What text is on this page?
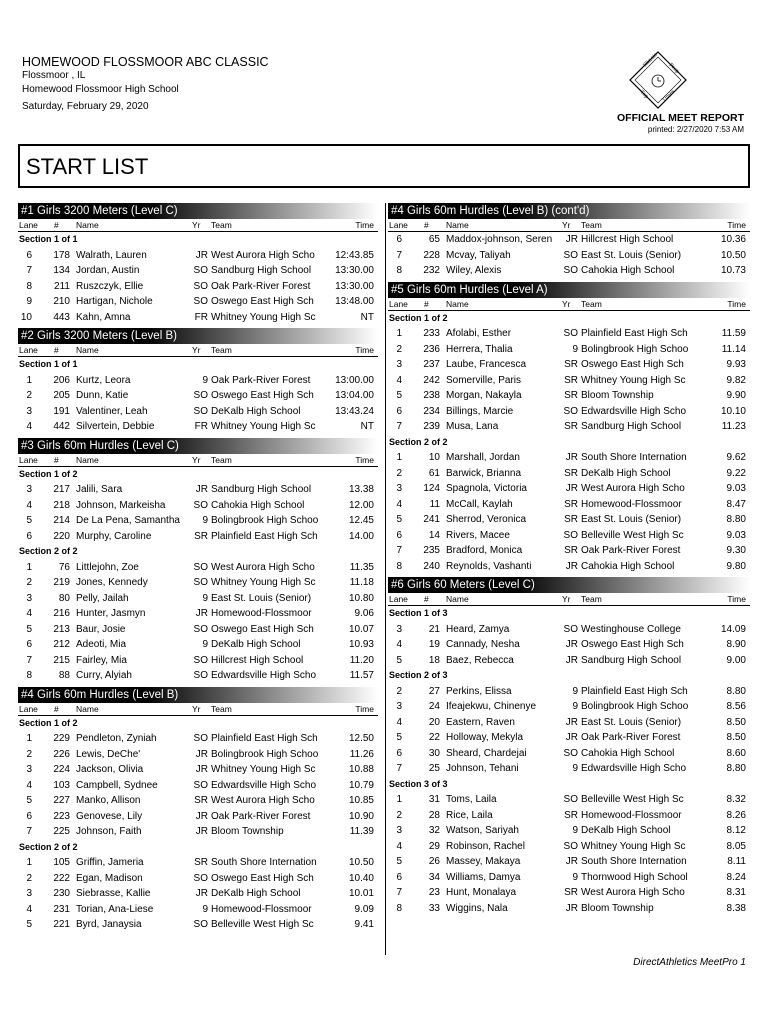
HOMEWOOD FLOSSMOOR ABC CLASSIC
Flossmoor , IL
Homewood Flossmoor High School
Saturday, February 29, 2020
Illinois
Prep
Top Times
OFFICIAL MEET REPORT
printed: 2/27/2020 7:53 AM
START LIST
#1 Girls 3200 Meters (Level C)
Lane # Name	Yr Team	Time
Section 1 of 1
6	178 Walrath, Lauren	JR West Aurora High Scho	12:43.85
7	134 Jordan, Austin	SO Sandburg High School	13:30.00
8	211 Ruszczyk, Ellie	SO Oak Park-River Forest	13:30.00
9	210 Hartigan, Nichole	SO Oswego East High Sch	13:48.00
10	443 Kahn, Amna	FR Whitney Young High Sc	NT
#2 Girls 3200 Meters (Level B)
Lane # Name	Yr Team	Time
Section 1 of 1
1	206 Kurtz, Leora	9 Oak Park-River Forest	13:00.00
2	205 Dunn, Katie	SO Oswego East High Sch	13:04.00
3	191 Valentiner, Leah	SO DeKalb High School	13:43.24
4	442 Silvertein, Debbie	FR Whitney Young High Sc	NT
#3 Girls 60m Hurdles (Level C)
Lane # Name	Yr Team	Time
Section 1 of 2
3	217 Jalili, Sara	JR Sandburg High School	13.38
4	218 Johnson, Markeisha	SO Cahokia High School	12.00
5	214 De La Pena, Samantha	9 Bolingbrook High Schoo	12.45
6	220 Murphy, Caroline	SR Plainfield East High Sch	14.00
Section 2 of 2
1	76 Littlejohn, Zoe	SO West Aurora High Scho	11.35
2	219 Jones, Kennedy	SO Whitney Young High Sc	11.18
3	80 Pelly, Jailah	9 East St. Louis (Senior)	10.80
4	216 Hunter, Jasmyn	JR Homewood-Flossmoor	9.06
5	213 Baur, Josie	SO Oswego East High Sch	10.07
6	212 Adeoti, Mia	9 DeKalb High School	10.93
7	215 Fairley, Mia	SO Hillcrest High School	11.20
8	88 Curry, Alyiah	SO Edwardsville High Scho	11.57
#4 Girls 60m Hurdles (Level B)
Lane # Name	Yr Team	Time
Section 1 of 2
1	229 Pendleton, Zyniah	SO Plainfield East High Sch	12.50
2	226 Lewis, DeChe'	JR Bolingbrook High Schoo	11.26
3	224 Jackson, Olivia	JR Whitney Young High Sc	10.88
4	103 Campbell, Sydnee	SO Edwardsville High Scho	10.79
5	227 Manko, Allison	SR West Aurora High Scho	10.85
6	223 Genovese, Lily	JR Oak Park-River Forest	10.90
7	225 Johnson, Faith	JR Bloom Township	11.39
Section 2 of 2
1	105 Griffin, Jameria	SR South Shore Internation	10.50
2	222 Egan, Madison	SO Oswego East High Sch	10.40
3	230 Siebrasse, Kallie	JR DeKalb High School	10.01
4	231 Torian, Ana-Liese	9 Homewood-Flossmoor	9.09
5	221 Byrd, Janaysia	SO Belleville West High Sc	9.41
#4 Girls 60m Hurdles (Level B) (cont'd)
Lane # Name	Yr Team	Time
6	65 Maddox-johnson, Seren	JR Hillcrest High School	10.36
7	228 Mcvay, Taliyah	SO East St. Louis (Senior)	10.50
8	232 Wiley, Alexis	SO Cahokia High School	10.73
#5 Girls 60m Hurdles (Level A)
Lane # Name	Yr Team	Time
Section 1 of 2
1	233 Afolabi, Esther	SO Plainfield East High Sch	11.59
2	236 Herrera, Thalia	9 Bolingbrook High Schoo	11.14
3	237 Laube, Francesca	SR Oswego East High Sch	9.93
4	242 Somerville, Paris	SR Whitney Young High Sc	9.82
5	238 Morgan, Nakayla	SR Bloom Township	9.90
6	234 Billings, Marcie	SO Edwardsville High Scho	10.10
7	239 Musa, Lana	SR Sandburg High School	11.23
Section 2 of 2
1	10 Marshall, Jordan	JR South Shore Internation	9.62
2	61 Barwick, Brianna	SR DeKalb High School	9.22
3	124 Spagnola, Victoria	JR West Aurora High Scho	9.03
4	11 McCall, Kaylah	SR Homewood-Flossmoor	8.47
5	241 Sherrod, Veronica	SR East St. Louis (Senior)	8.80
6	14 Rivers, Macee	SO Belleville West High Sc	9.03
7	235 Bradford, Monica	SR Oak Park-River Forest	9.30
8	240 Reynolds, Vashanti	JR Cahokia High School	9.80
#6 Girls 60 Meters (Level C)
Lane # Name	Yr Team	Time
Section 1 of 3
3	21 Heard, Zamya	SO Westinghouse College	14.09
4	19 Cannady, Nesha	JR Oswego East High Sch	8.90
5	18 Baez, Rebecca	JR Sandburg High School	9.00
Section 2 of 3
2	27 Perkins, Elissa	9 Plainfield East High Sch	8.80
3	24 Ifeajekwu, Chinenye	9 Bolingbrook High Schoo	8.56
4	20 Eastern, Raven	JR East St. Louis (Senior)	8.50
5	22 Holloway, Mekyla	JR Oak Park-River Forest	8.50
6	30 Sheard, Chardejai	SO Cahokia High School	8.60
7	25 Johnson, Tehani	9 Edwardsville High Scho	8.80
Section 3 of 3
1	31 Toms, Laila	SO Belleville West High Sc	8.32
2	28 Rice, Laila	SR Homewood-Flossmoor	8.26
3	32 Watson, Sariyah	9 DeKalb High School	8.12
4	29 Robinson, Rachel	SO Whitney Young High Sc	8.05
5	26 Massey, Makaya	JR South Shore Internation	8.11
6	34 Williams, Damya	9 Thornwood High School	8.24
7	23 Hunt, Monalaya	SR West Aurora High Scho	8.31
8	33 Wiggins, Nala	JR Bloom Township	8.38
DirectAthletics MeetPro 1
